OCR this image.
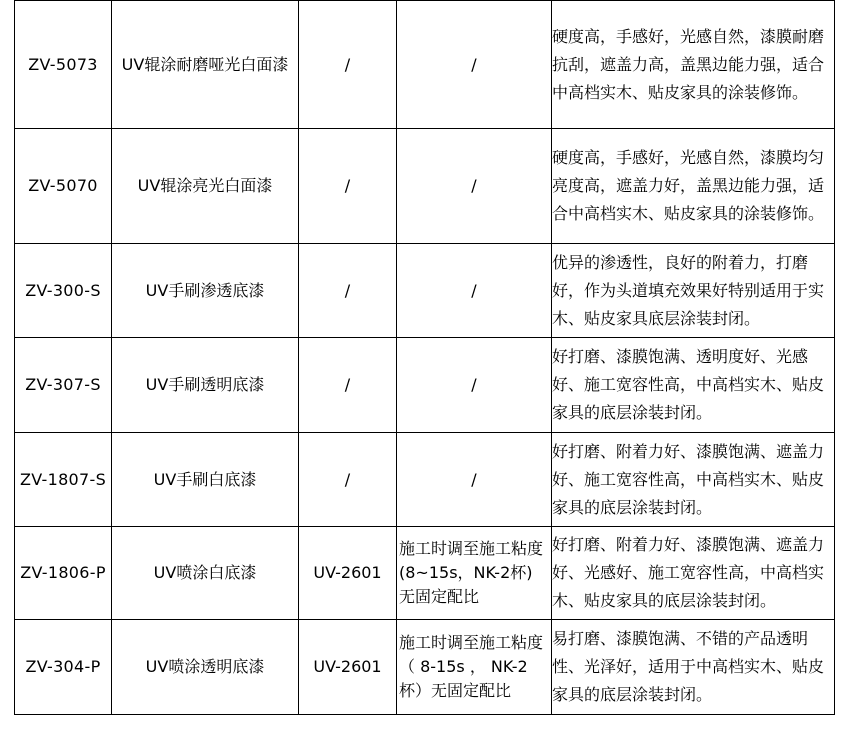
ZV-5073	UV辊涂耐磨哑光白面漆	/	/	硬度高，手感好，光感自然，漆膜耐磨抗刮，遮盖力高，盖黑边能力强，适合中高档实木、贴皮家具的涂装修饰。

ZV-5070	UV辊涂亮光白面漆	/	/	硬度高，手感好，光感自然，漆膜均匀亮度高，遮盖力好，盖黑边能力强，适合中高档实木、贴皮家具的涂装修饰。

ZV-300-S	UV手刷渗透底漆	/	/	优异的渗透性，良好的附着力，打磨好，作为头道填充效果好特别适用于实木、贴皮家具底层涂装封闭。

ZV-307-S	UV手刷透明底漆	/	/	好打磨、漆膜饱满、透明度好、光感好、施工宽容性高，中高档实木、贴皮家具的底层涂装封闭。

ZV-1807-S	UV手刷白底漆	/	/	好打磨、附着力好、漆膜饱满、遮盖力好、施工宽容性高，中高档实木、贴皮家具的底层涂装封闭。

ZV-1806-P	UV喷涂白底漆	UV-2601	施工时调至施工粘度
(8~15s，NK-2杯)
无固定配比	好打磨、附着力好、漆膜饱满、遮盖力好、光感好、施工宽容性高，中高档实木、贴皮家具的底层涂装封闭。

ZV-304-P	UV喷涂透明底漆	UV-2601	施工时调至施工粘度
（ 8-15s ， NK-2
杯）无固定配比	易打磨、漆膜饱满、不错的产品透明性、光泽好，适用于中高档实木、贴皮家具的底层涂装封闭。
